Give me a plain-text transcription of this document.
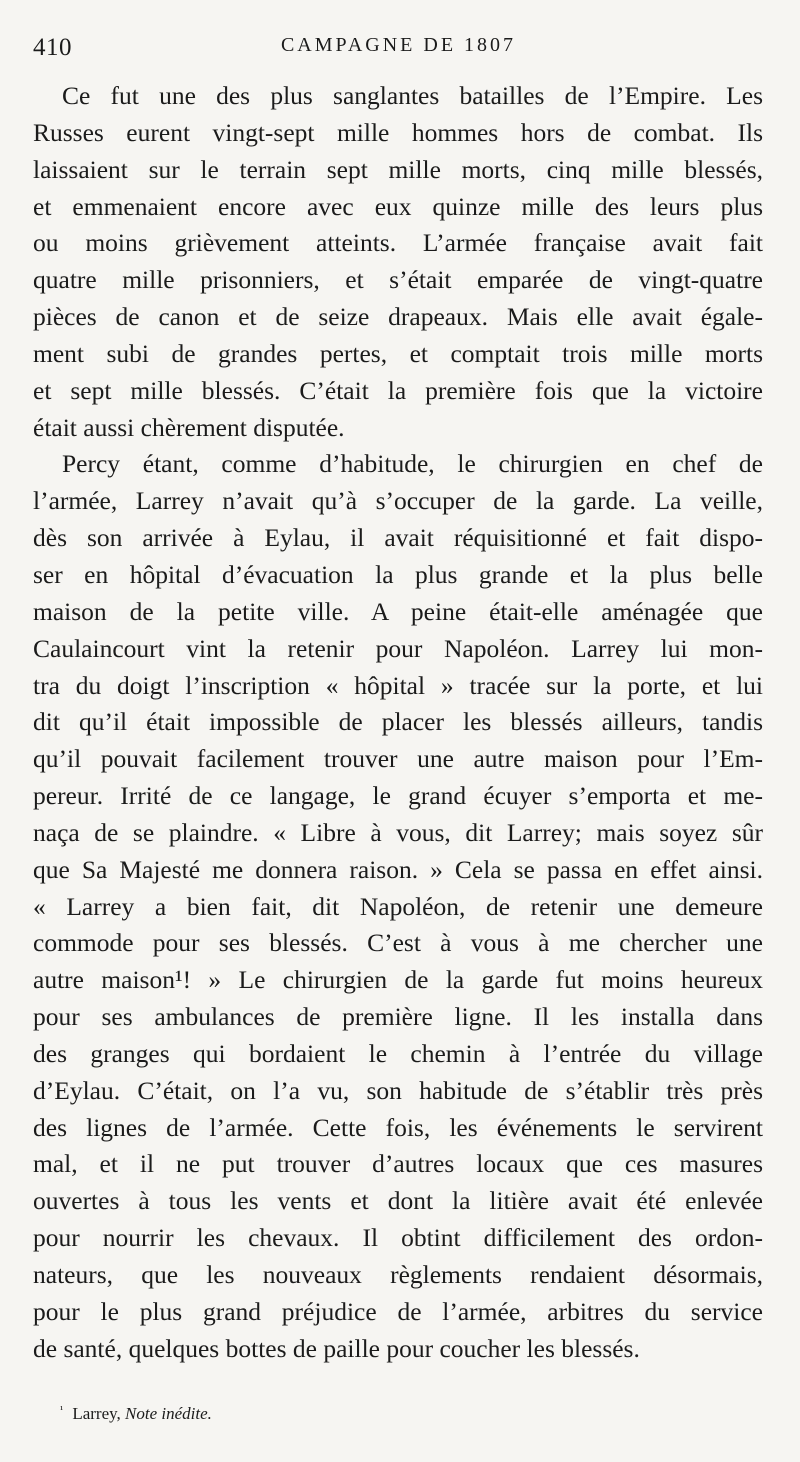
410	CAMPAGNE DE 1807
Ce fut une des plus sanglantes batailles de l’Empire. Les
Russes eurent vingt-sept mille hommes hors de combat. Ils
laissaient sur le terrain sept mille morts, cinq mille blessés,
et emmenaient encore avec eux quinze mille des leurs plus
ou moins grièvement atteints. L’armée française avait fait
quatre mille prisonniers, et s’était emparée de vingt-quatre
pièces de canon et de seize drapeaux. Mais elle avait égale-
ment subi de grandes pertes, et comptait trois mille morts
et sept mille blessés. C’était la première fois que la victoire
était aussi chèrement disputée.
Percy étant, comme d’habitude, le chirurgien en chef de
l’armée, Larrey n’avait qu’à s’occuper de la garde. La veille,
dès son arrivée à Eylau, il avait réquisitionné et fait dispo-
ser en hôpital d’évacuation la plus grande et la plus belle
maison de la petite ville. A peine était-elle aménagée que
Caulaincourt vint la retenir pour Napoléon. Larrey lui mon-
tra du doigt l’inscription « hôpital » tracée sur la porte, et lui
dit qu’il était impossible de placer les blessés ailleurs, tandis
qu’il pouvait facilement trouver une autre maison pour l’Em-
pereur. Irrité de ce langage, le grand écuyer s’emporta et me-
naça de se plaindre. « Libre à vous, dit Larrey; mais soyez sûr
que Sa Majesté me donnera raison. » Cela se passa en effet ainsi.
« Larrey a bien fait, dit Napoléon, de retenir une demeure
commode pour ses blessés. C’est à vous à me chercher une
autre maison¹! » Le chirurgien de la garde fut moins heureux
pour ses ambulances de première ligne. Il les installa dans
des granges qui bordaient le chemin à l’entrée du village
d’Eylau. C’était, on l’a vu, son habitude de s’établir très près
des lignes de l’armée. Cette fois, les événements le servirent
mal, et il ne put trouver d’autres locaux que ces masures
ouvertes à tous les vents et dont la litière avait été enlevée
pour nourrir les chevaux. Il obtint difficilement des ordon-
nateurs, que les nouveaux règlements rendaient désormais,
pour le plus grand préjudice de l’armée, arbitres du service
de santé, quelques bottes de paille pour coucher les blessés.
$^{^1}$ Larrey, Note inédite.
